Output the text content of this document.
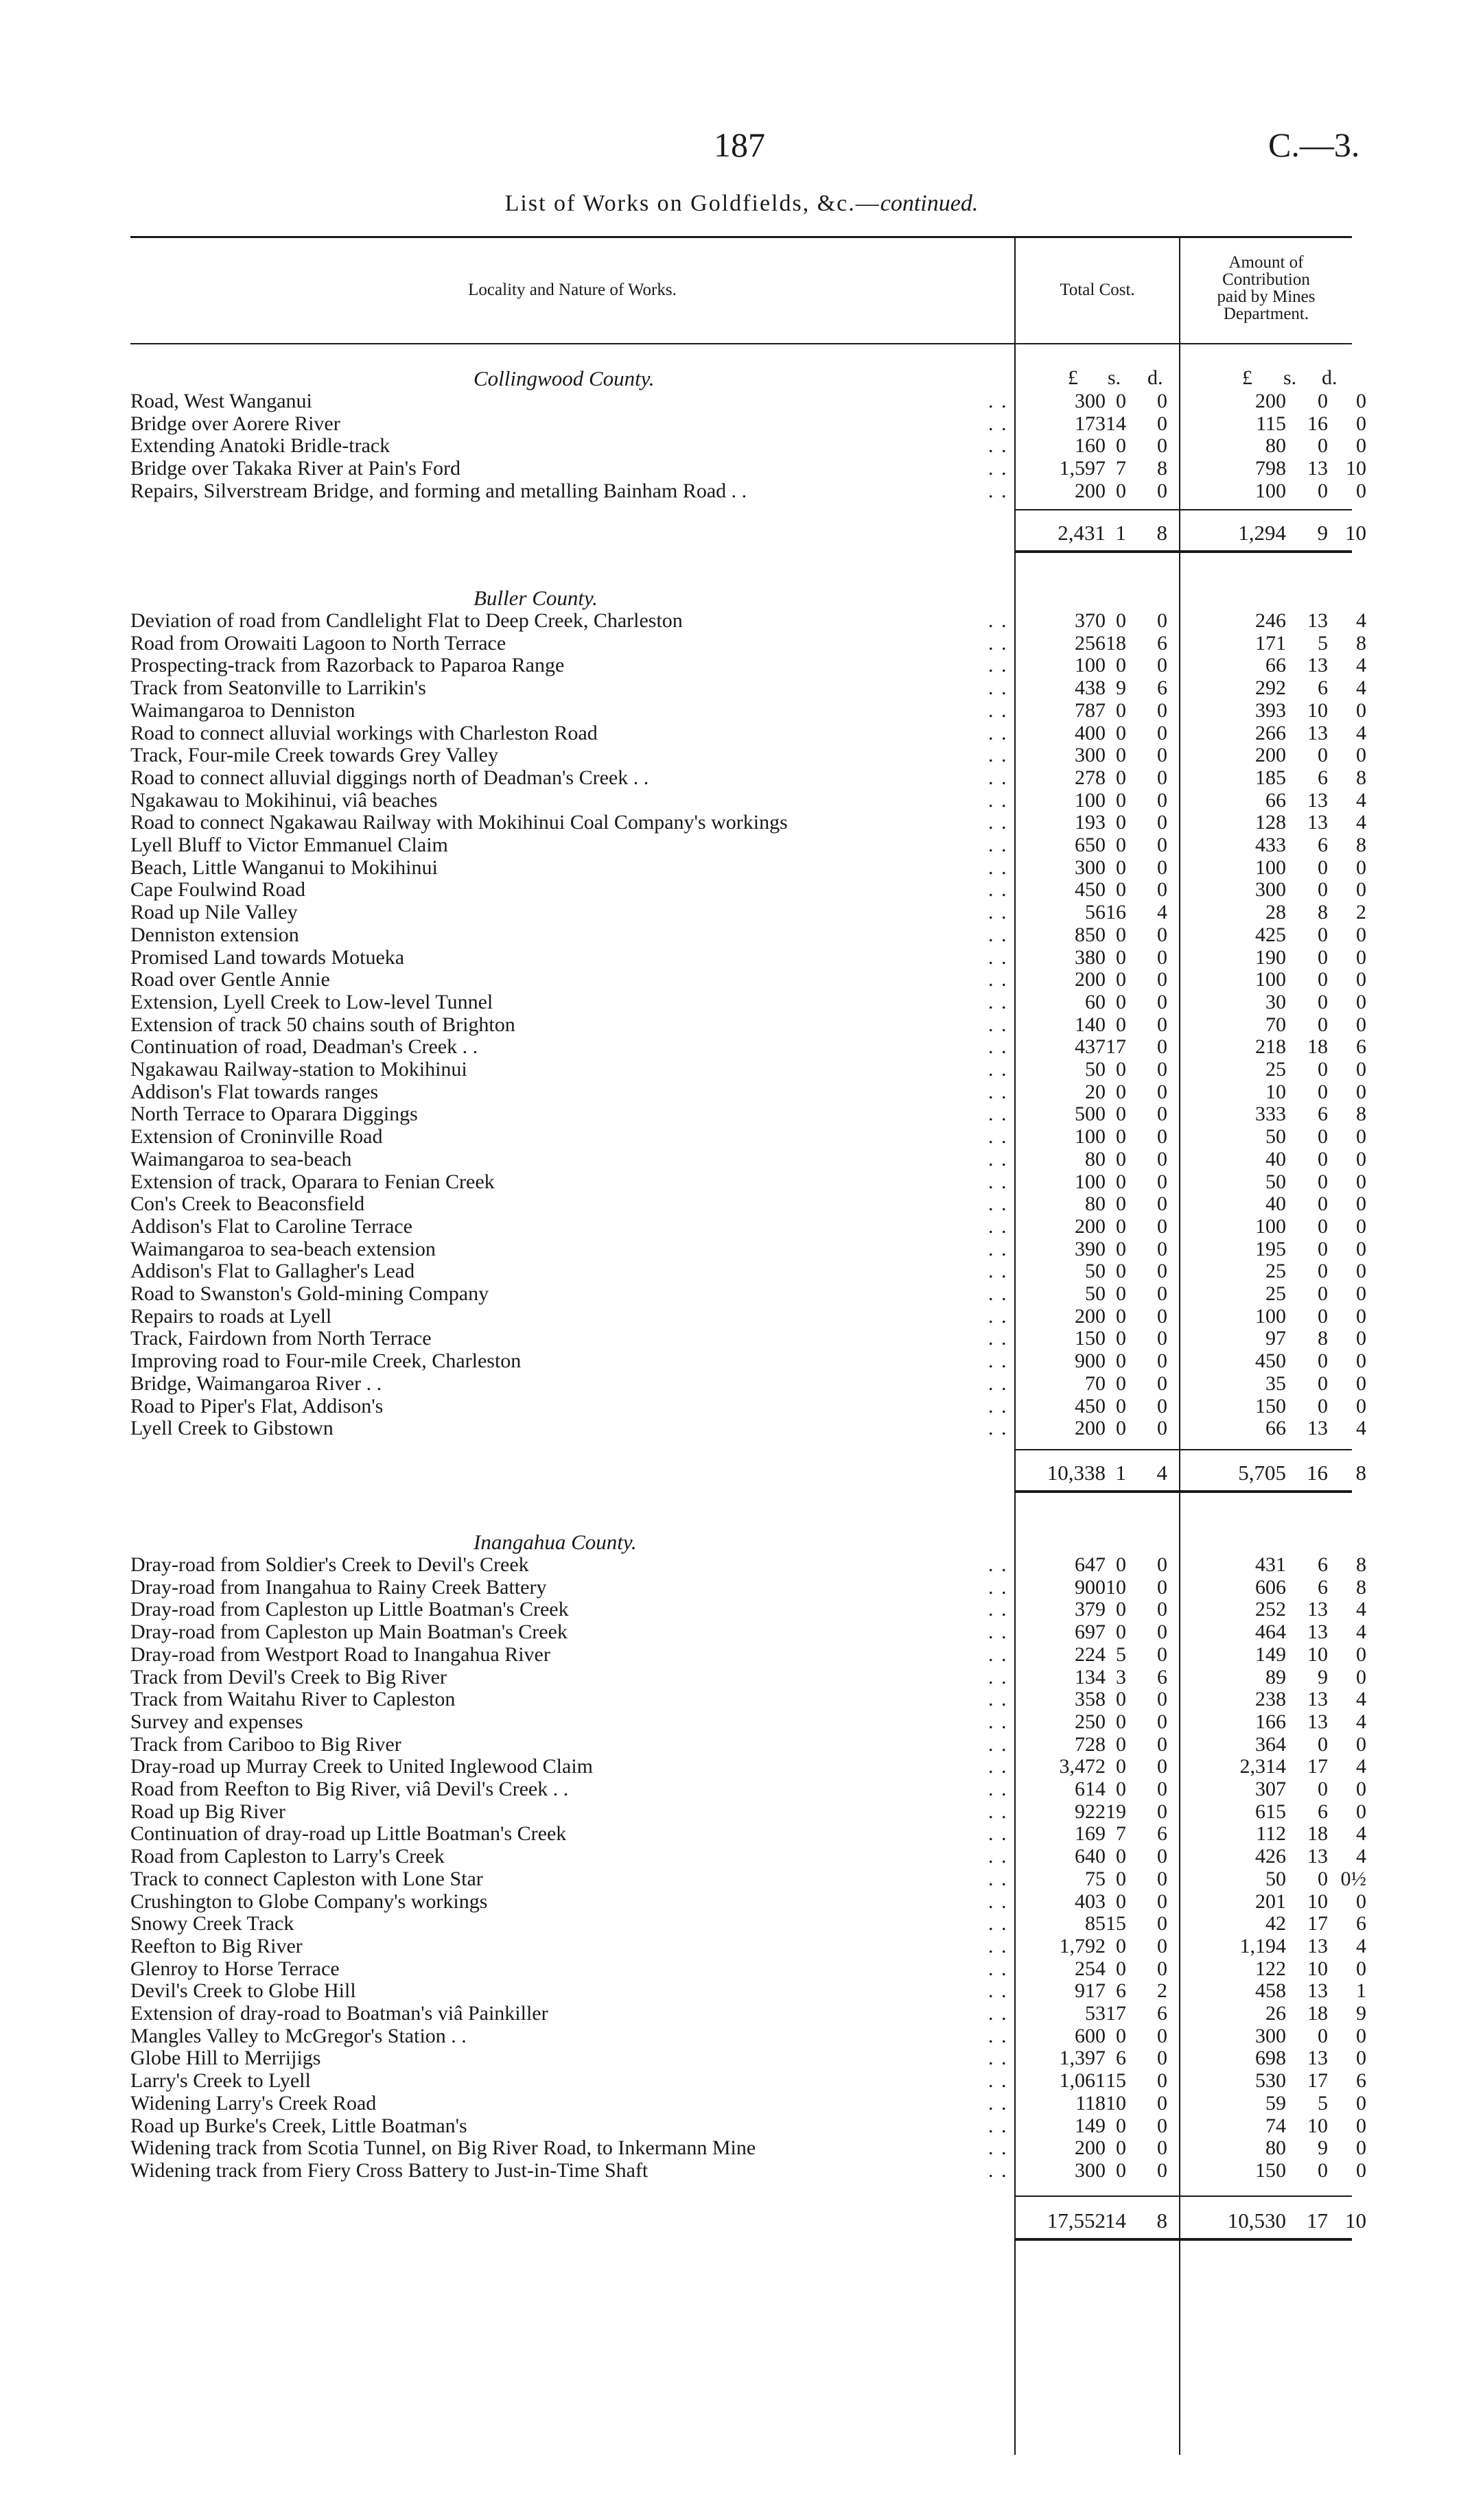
187	C.—3.
List of Works on Goldfields, &c.—continued.
Locality and Nature of Works.	Total Cost.
Amount of
Contribution
paid by Mines
Department.
£ s. d.	£ s. d.
Collingwood County.
Road, West Wanganui	300 0 0	200 0 0
. .
Bridge over Aorere River	173 14 0	115 16 0
. .
Extending Anatoki Bridle-track	160 0 0	80 0 0
. .
Bridge over Takaka River at Pain's Ford	1,597 7 8	798 13 10
. .
Repairs, Silverstream Bridge, and forming and metalling Bainham Road . .	200 0 0	100 0 0
. .
2,431 1 8	1,294 9 10
Buller County.
Deviation of road from Candlelight Flat to Deep Creek, Charleston	370 0 0	246 13 4
. .
Road from Orowaiti Lagoon to North Terrace	256 18 6	171 5 8
. .
Prospecting-track from Razorback to Paparoa Range	100 0 0	66 13 4
. .
Track from Seatonville to Larrikin's	438 9 6	292 6 4
. .
Waimangaroa to Denniston	787 0 0	393 10 0
. .
Road to connect alluvial workings with Charleston Road	400 0 0	266 13 4
. .
Track, Four-mile Creek towards Grey Valley	300 0 0	200 0 0
. .
Road to connect alluvial diggings north of Deadman's Creek . .	278 0 0	185 6 8
. .
Ngakawau to Mokihinui, viâ beaches	100 0 0	66 13 4
. .
Road to connect Ngakawau Railway with Mokihinui Coal Company's workings	193 0 0	128 13 4
. .
Lyell Bluff to Victor Emmanuel Claim	650 0 0	433 6 8
. .
Beach, Little Wanganui to Mokihinui	300 0 0	100 0 0
. .
Cape Foulwind Road	450 0 0	300 0 0
. .
Road up Nile Valley	56 16 4	28 8 2
. .
Denniston extension	850 0 0	425 0 0
. .
Promised Land towards Motueka	380 0 0	190 0 0
. .
Road over Gentle Annie	200 0 0	100 0 0
. .
Extension, Lyell Creek to Low-level Tunnel	60 0 0	30 0 0
. .
Extension of track 50 chains south of Brighton	140 0 0	70 0 0
. .
Continuation of road, Deadman's Creek . .	437 17 0	218 18 6
. .
Ngakawau Railway-station to Mokihinui	50 0 0	25 0 0
. .
Addison's Flat towards ranges	20 0 0	10 0 0
. .
North Terrace to Oparara Diggings	500 0 0	333 6 8
. .
Extension of Croninville Road	100 0 0	50 0 0
. .
Waimangaroa to sea-beach	80 0 0	40 0 0
. .
Extension of track, Oparara to Fenian Creek	100 0 0	50 0 0
. .
Con's Creek to Beaconsfield	80 0 0	40 0 0
. .
Addison's Flat to Caroline Terrace	200 0 0	100 0 0
. .
Waimangaroa to sea-beach extension	390 0 0	195 0 0
. .
Addison's Flat to Gallagher's Lead	50 0 0	25 0 0
. .
Road to Swanston's Gold-mining Company	50 0 0	25 0 0
. .
Repairs to roads at Lyell	200 0 0	100 0 0
. .
Track, Fairdown from North Terrace	150 0 0	97 8 0
. .
Improving road to Four-mile Creek, Charleston	900 0 0	450 0 0
. .
Bridge, Waimangaroa River . .	70 0 0	35 0 0
. .
Road to Piper's Flat, Addison's	450 0 0	150 0 0
. .
Lyell Creek to Gibstown	200 0 0	66 13 4
. .
10,338 1 4	5,705 16 8
Inangahua County.
Dray-road from Soldier's Creek to Devil's Creek	647 0 0	431 6 8
. .
Dray-road from Inangahua to Rainy Creek Battery	900 10 0	606 6 8
. .
Dray-road from Capleston up Little Boatman's Creek	379 0 0	252 13 4
. .
Dray-road from Capleston up Main Boatman's Creek	697 0 0	464 13 4
. .
Dray-road from Westport Road to Inangahua River	224 5 0	149 10 0
. .
Track from Devil's Creek to Big River	134 3 6	89 9 0
. .
Track from Waitahu River to Capleston	358 0 0	238 13 4
. .
Survey and expenses	250 0 0	166 13 4
. .
Track from Cariboo to Big River	728 0 0	364 0 0
. .
Dray-road up Murray Creek to United Inglewood Claim	3,472 0 0	2,314 17 4
. .
Road from Reefton to Big River, viâ Devil's Creek . .	614 0 0	307 0 0
. .
Road up Big River	922 19 0	615 6 0
. .
Continuation of dray-road up Little Boatman's Creek	169 7 6	112 18 4
. .
Road from Capleston to Larry's Creek	640 0 0	426 13 4
. .
Track to connect Capleston with Lone Star	75 0 0	50 0 0½
. .
Crushington to Globe Company's workings	403 0 0	201 10 0
. .
Snowy Creek Track	85 15 0	42 17 6
. .
Reefton to Big River	1,792 0 0	1,194 13 4
. .
Glenroy to Horse Terrace	254 0 0	122 10 0
. .
Devil's Creek to Globe Hill	917 6 2	458 13 1
. .
Extension of dray-road to Boatman's viâ Painkiller	53 17 6	26 18 9
. .
Mangles Valley to McGregor's Station . .	600 0 0	300 0 0
. .
Globe Hill to Merrijigs	1,397 6 0	698 13 0
. .
Larry's Creek to Lyell	1,061 15 0	530 17 6
. .
Widening Larry's Creek Road	118 10 0	59 5 0
. .
Road up Burke's Creek, Little Boatman's	149 0 0	74 10 0
. .
Widening track from Scotia Tunnel, on Big River Road, to Inkermann Mine	200 0 0	80 9 0
. .
Widening track from Fiery Cross Battery to Just-in-Time Shaft	300 0 0	150 0 0
. .
17,552 14 8	10,530 17 10
